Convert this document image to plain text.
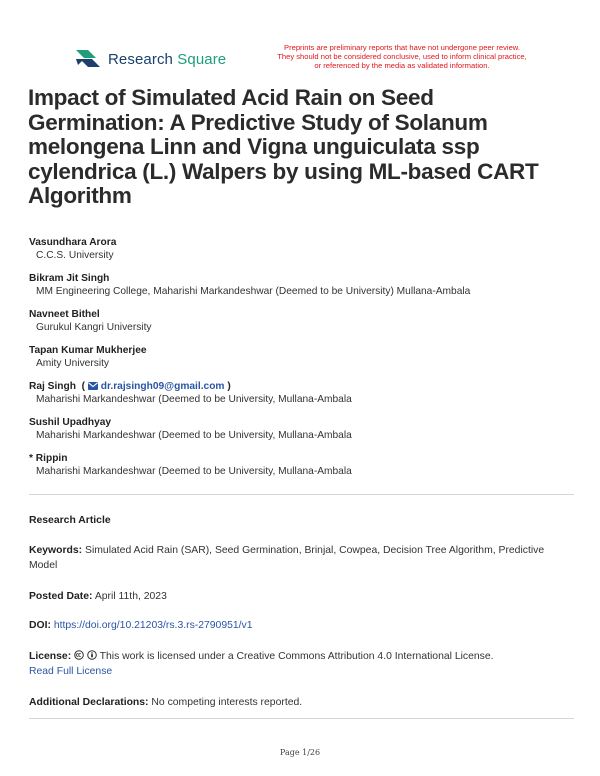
Research Square
Preprints are preliminary reports that have not undergone peer review.
They should not be considered conclusive, used to inform clinical practice,
or referenced by the media as validated information.
Impact of Simulated Acid Rain on Seed Germination: A Predictive Study of Solanum melongena Linn and Vigna unguiculata ssp cylendrica (L.) Walpers by using ML-based CART Algorithm
Vasundhara Arora
C.C.S. University
Bikram Jit Singh
MM Engineering College, Maharishi Markandeshwar (Deemed to be University) Mullana-Ambala
Navneet Bithel
Gurukul Kangri University
Tapan Kumar Mukherjee
Amity University
Raj Singh  ( dr.rajsingh09@gmail.com )
Maharishi Markandeshwar (Deemed to be University, Mullana-Ambala
Sushil Upadhyay
Maharishi Markandeshwar (Deemed to be University, Mullana-Ambala
* Rippin
Maharishi Markandeshwar (Deemed to be University, Mullana-Ambala
Research Article
Keywords: Simulated Acid Rain (SAR), Seed Germination, Brinjal, Cowpea, Decision Tree Algorithm, Predictive Model
Posted Date: April 11th, 2023
DOI: https://doi.org/10.21203/rs.3.rs-2790951/v1
License:	This work is licensed under a Creative Commons Attribution 4.0 International License.
Read Full License
Additional Declarations: No competing interests reported.
Page 1/26
